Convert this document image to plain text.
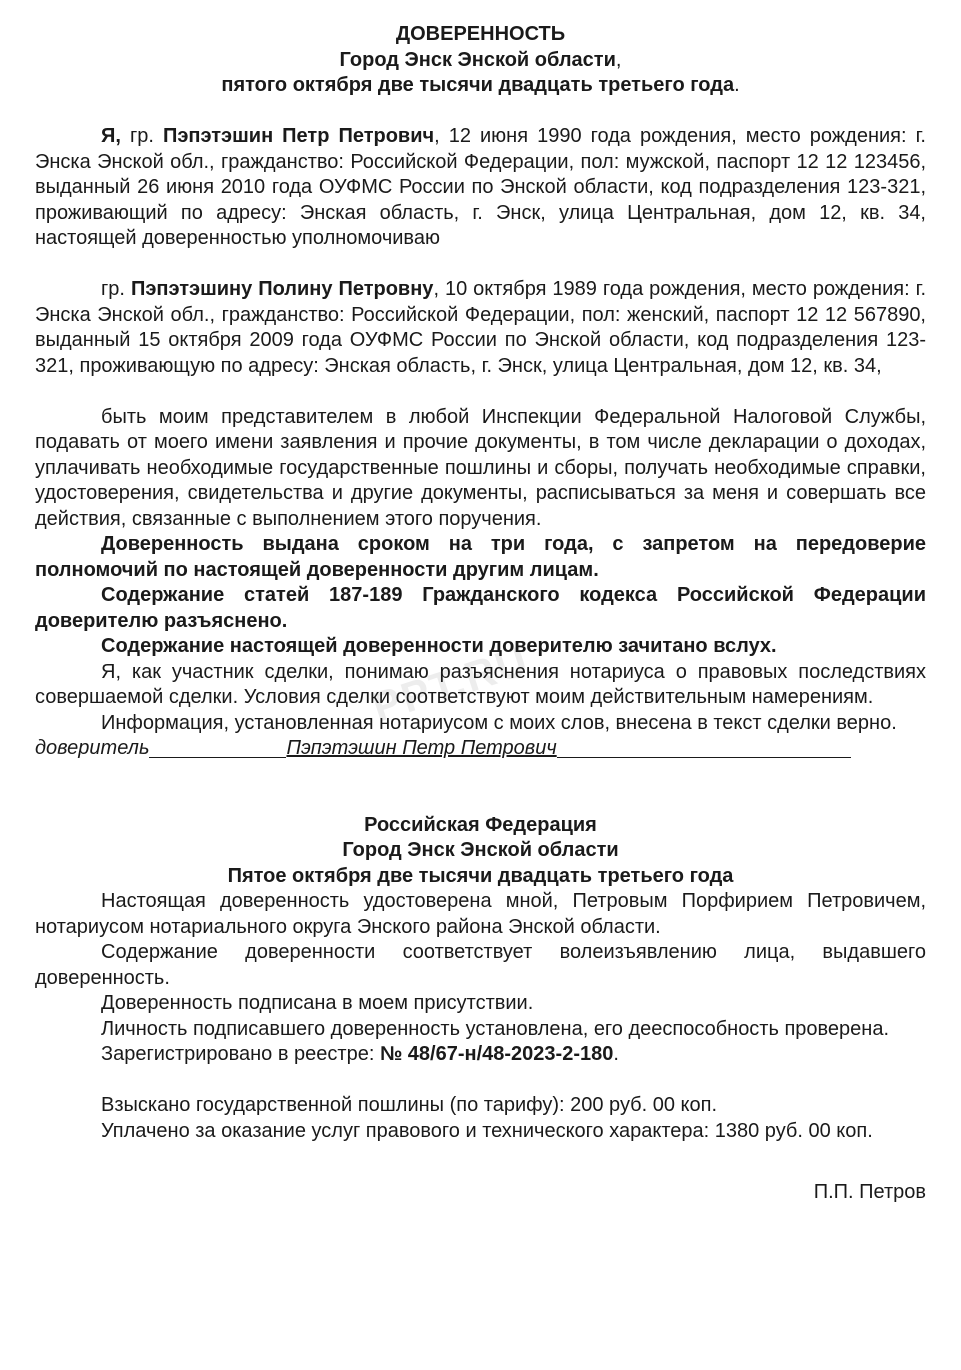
PPT.RU

ДОВЕРЕННОСТЬ

Город Энск Энской области,

пятого октября две тысячи двадцать третьего года.

Я, гр. Пэпэтэшин Петр Петрович, 12 июня 1990 года рождения, место рождения: г. Энска Энской обл., гражданство: Российской Федерации, пол: мужской, паспорт 12 12 123456, выданный 26 июня 2010 года ОУФМС России по Энской области, код подразделения 123-321, проживающий по адресу: Энская область, г. Энск, улица Центральная, дом 12, кв. 34, настоящей доверенностью уполномочиваю

гр. Пэпэтэшину Полину Петровну, 10 октября 1989 года рождения, место рождения: г. Энска Энской обл., гражданство: Российской Федерации, пол: женский, паспорт 12 12 567890, выданный 15 октября 2009 года ОУФМС России по Энской области, код подразделения 123-321, проживающую по адресу: Энская область, г. Энск, улица Центральная, дом 12, кв. 34,

быть моим представителем в любой Инспекции Федеральной Налоговой Службы, подавать от моего имени заявления и прочие документы, в том числе декларации о доходах, уплачивать необходимые государственные пошлины и сборы, получать необходимые справки, удостоверения, свидетельства и другие документы, расписываться за меня и совершать все действия, связанные с выполнением этого поручения.

Доверенность выдана сроком на три года, с запретом на передоверие полномочий по настоящей доверенности другим лицам.

Содержание статей 187-189 Гражданского кодекса Российской Федерации доверителю разъяснено.

Содержание настоящей доверенности доверителю зачитано вслух.

Я, как участник сделки, понимаю разъяснения нотариуса о правовых последствиях совершаемой сделки. Условия сделки соответствуют моим действительным намерениям.

Информация, установленная нотариусом с моих слов, внесена в текст сделки верно.

доверитель	Пэпэтэшин Петр Петрович

Российская Федерация

Город Энск Энской области

Пятое октября две тысячи двадцать третьего года

Настоящая доверенность удостоверена мной, Петровым Порфирием Петровичем, нотариусом нотариального округа Энского района Энской области.

Содержание доверенности соответствует волеизъявлению лица, выдавшего доверенность.

Доверенность подписана в моем присутствии.

Личность подписавшего доверенность установлена, его дееспособность проверена.

Зарегистрировано в реестре: № 48/67-н/48-2023-2-180.

Взыскано государственной пошлины (по тарифу): 200 руб. 00 коп.

Уплачено за оказание услуг правового и технического характера: 1380 руб. 00 коп.

П.П. Петров
